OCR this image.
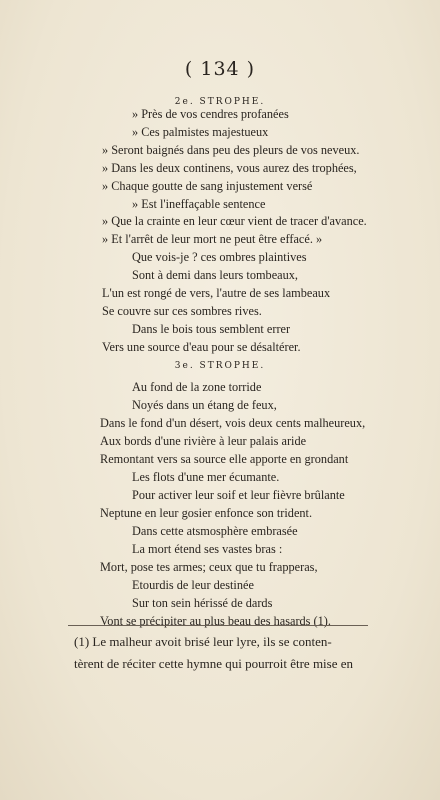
( 134 )
2e. STROPHE.
» Près de vos cendres profanées
» Ces palmistes majestueux
» Seront baignés dans peu des pleurs de vos neveux.
» Dans les deux continens, vous aurez des trophées,
» Chaque goutte de sang injustement versé
» Est l'ineffaçable sentence
» Que la crainte en leur cœur vient de tracer d'avance.
» Et l'arrêt de leur mort ne peut être effacé. »
Que vois-je ? ces ombres plaintives
Sont à demi dans leurs tombeaux,
L'un est rongé de vers, l'autre de ses lambeaux
Se couvre sur ces sombres rives.
Dans le bois tous semblent errer
Vers une source d'eau pour se désaltérer.
3e. STROPHE.
Au fond de la zone torride
Noyés dans un étang de feux,
Dans le fond d'un désert, vois deux cents malheureux,
Aux bords d'une rivière à leur palais aride
Remontant vers sa source elle apporte en grondant
Les flots d'une mer écumante.
Pour activer leur soif et leur fièvre brûlante
Neptune en leur gosier enfonce son trident.
Dans cette atsmosphère embrasée
La mort étend ses vastes bras :
Mort, pose tes armes; ceux que tu frapperas,
Etourdis de leur destinée
Sur ton sein hérissé de dards
Vont se précipiter au plus beau des hasards (1).
(1) Le malheur avoit brisé leur lyre, ils se conten-
tèrent de réciter cette hymne qui pourroit être mise en
